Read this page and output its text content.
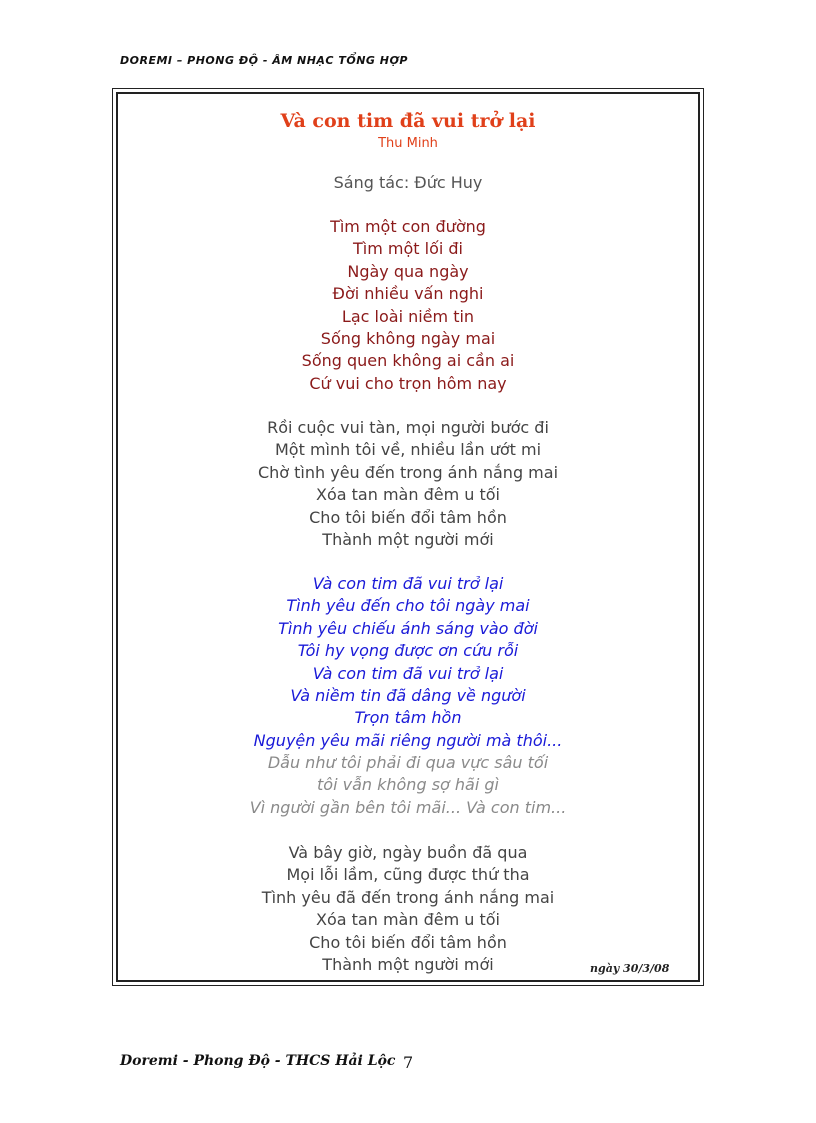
DOREMI – PHONG ĐỘ - ÂM NHẠC TỔNG HỢP
Và con tim đã vui trở lại
Thu Minh
Sáng tác: Đức Huy
Tìm một con đường
Tìm một lối đi
Ngày qua ngày
Đời nhiều vấn nghi
Lạc loài niềm tin
Sống không ngày mai
Sống quen không ai cần ai
Cứ vui cho trọn hôm nay
Rồi cuộc vui tàn, mọi người bước đi
Một mình tôi về, nhiều lần ướt mi
Chờ tình yêu đến trong ánh nắng mai
Xóa tan màn đêm u tối
Cho tôi biến đổi tâm hồn
Thành một người mới
Và con tim đã vui trở lại
Tình yêu đến cho tôi ngày mai
Tình yêu chiếu ánh sáng vào đời
Tôi hy vọng được ơn cứu rỗi
Và con tim đã vui trở lại
Và niềm tin đã dâng về người
Trọn tâm hồn
Nguyện yêu mãi riêng người mà thôi...
Dẫu như tôi phải đi qua vực sâu tối
tôi vẫn không sợ hãi gì
Vì người gần bên tôi mãi... Và con tim...
Và bây giờ, ngày buồn đã qua
Mọi lỗi lầm, cũng được thứ tha
Tình yêu đã đến trong ánh nắng mai
Xóa tan màn đêm u tối
Cho tôi biến đổi tâm hồn
Thành một người mới	ngày 30/3/08
Doremi - Phong Độ - THCS Hải Lộc 7
